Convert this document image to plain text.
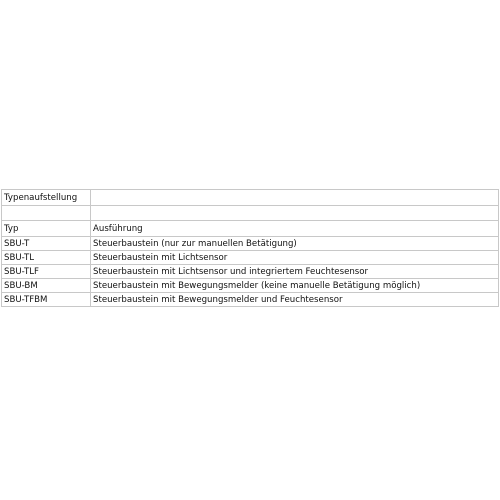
Typenaufstellung	

Typ	Ausführung
SBU-T	Steuerbaustein (nur zur manuellen Betätigung)
SBU-TL	Steuerbaustein mit Lichtsensor
SBU-TLF	Steuerbaustein mit Lichtsensor und integriertem Feuchtesensor
SBU-BM	Steuerbaustein mit Bewegungsmelder (keine manuelle Betätigung möglich)
SBU-TFBM	Steuerbaustein mit Bewegungsmelder und Feuchtesensor
